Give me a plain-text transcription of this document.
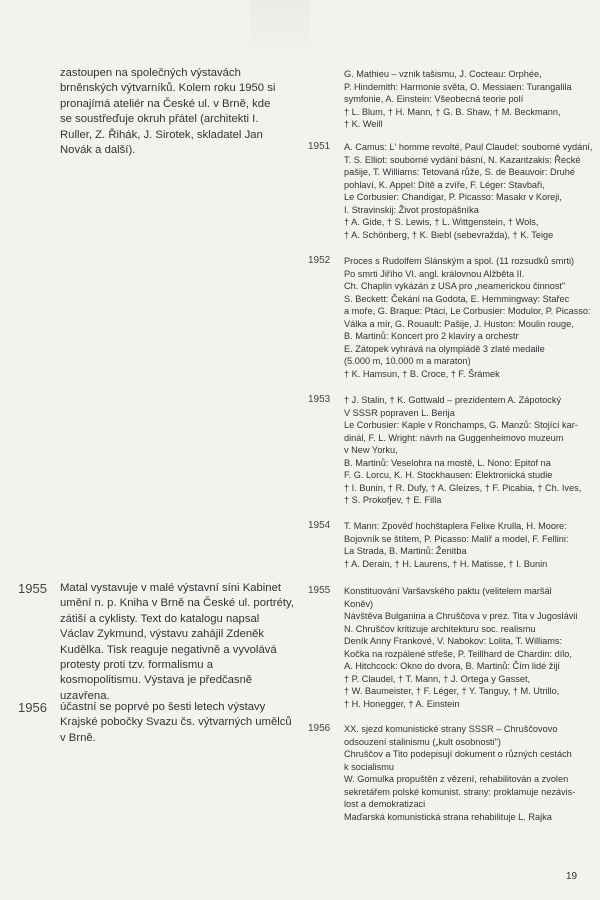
zastoupen na společných výstavách brněnských výtvarníků. Kolem roku 1950 si pronajímá ateliér na České ul. v Brně, kde se soustřeďuje okruh přátel (architekti I. Ruller, Z. Řihák, J. Sirotek, skladatel Jan Novák a další).

1955 Matal vystavuje v malé výstavní síni Kabinet umění n. p. Kniha v Brně na České ul. portréty, zátiší a cyklisty. Text do katalogu napsal Václav Zykmund, výstavu zahájil Zdeněk Kudělka. Tisk reaguje negativně a vyvolává protesty proti tzv. formalismu a kosmopolitismu. Výstava je předčasně uzavřena.

1956 účastní se poprvé po šesti letech výstavy Krajské pobočky Svazu čs. výtvarných umělců v Brně.

G. Mathieu – vznik tašismu, J. Cocteau: Orphée,
P. Hindemith: Harmonie světa, O. Messiaen: Turangalila
symfonie, A. Einstein: Všeobecná teorie polí
† L. Blum, † H. Mann, † G. B. Shaw, † M. Beckmann,
† K. Weill
1951 A. Camus: L' homme revolté, Paul Claudel: souborné vydání,
T. S. Elliot: souborné vydání básní, N. Kazantzakis: Řecké
pašije, T. Williams: Tetovaná růže, S. de Beauvoir: Druhé
pohlaví, K. Appel: Dítě a zvíře, F. Léger: Stavbaři,
Le Corbusier: Chandigar, P. Picasso: Masakr v Koreji,
I. Stravinskij: Život prostopášníka
† A. Gide, † S. Lewis, † L. Wittgenstein, † Wols,
† A. Schönberg, † K. Biebl (sebevražda), † K. Teige
1952 Proces s Rudolfem Slánským a spol. (11 rozsudků smrti)
Po smrti Jiřího VI. angl. královnou Alžběta II.
Ch. Chaplin vykázán z USA pro „neamerickou činnost"
S. Beckett: Čekání na Godota, E. Hemmingway: Stařec
a moře, G. Braque: Ptáci, Le Corbusier: Modulor, P. Picasso:
Válka a mír, G. Rouault: Pašije, J. Huston: Moulin rouge,
B. Martinů: Koncert pro 2 klavíry a orchestr
E. Zátopek vyhrává na olympiádě 3 zlaté medaile
(5.000 m, 10.000 m a maraton)
† K. Hamsun, † B. Croce, † F. Šrámek
1953 † J. Stalin, † K. Gottwald – prezidentem A. Zápotocký
V SSSR popraven L. Berija
Le Corbusier: Kaple v Ronchamps, G. Manzů: Stojící kar-
dinál, F. L. Wright: návrh na Guggenheimovo muzeum
v New Yorku,
B. Martinů: Veselohra na mostě, L. Nono: Epitof na
F. G. Lorcu, K. H. Stockhausen: Elektronická studie
† I. Bunin, † R. Dufy, † A. Gleizes, † F. Picabia, † Ch. Ives,
† S. Prokofjev, † E. Filla
1954 T. Mann: Zpověď hochštaplera Felixe Krulla, H. Moore:
Bojovník se štítem, P. Picasso: Malíř a model, F. Fellini:
La Strada, B. Martinů: Ženitba
† A. Derain, † H. Laurens, † H. Matisse, † I. Bunin
1955 Konstituování Varšavského paktu (velitelem maršál
Koněv)
Návštěva Bulganina a Chruščova v prez. Tita v Jugoslávii
N. Chruščov kritizuje architekturu soc. realismu
Deník Anny Frankové, V. Nabokov: Lolita, T. Williams:
Kočka na rozpálené střeše, P. Teillhard de Chardin: dílo,
A. Hitchcock: Okno do dvora, B. Martinů: Čím lidé žijí
† P. Claudel, † T. Mann, † J. Ortega y Gasset,
† W. Baumeister, † F. Léger, † Y. Tanguy, † M. Utrillo,
† H. Honegger, † A. Einstein
1956 XX. sjezd komunistické strany SSSR – Chruščovovo
odsouzení stalinismu („kult osobnosti")
Chruščov a Tito podepisují dokument o různých cestách
k socialismu
W. Gomulka propuštěn z vězení, rehabilitován a zvolen
sekretářem polské komunist. strany: proklamuje nezávis-
lost a demokratizaci
Maďarská komunistická strana rehabilituje L. Rajka
19
